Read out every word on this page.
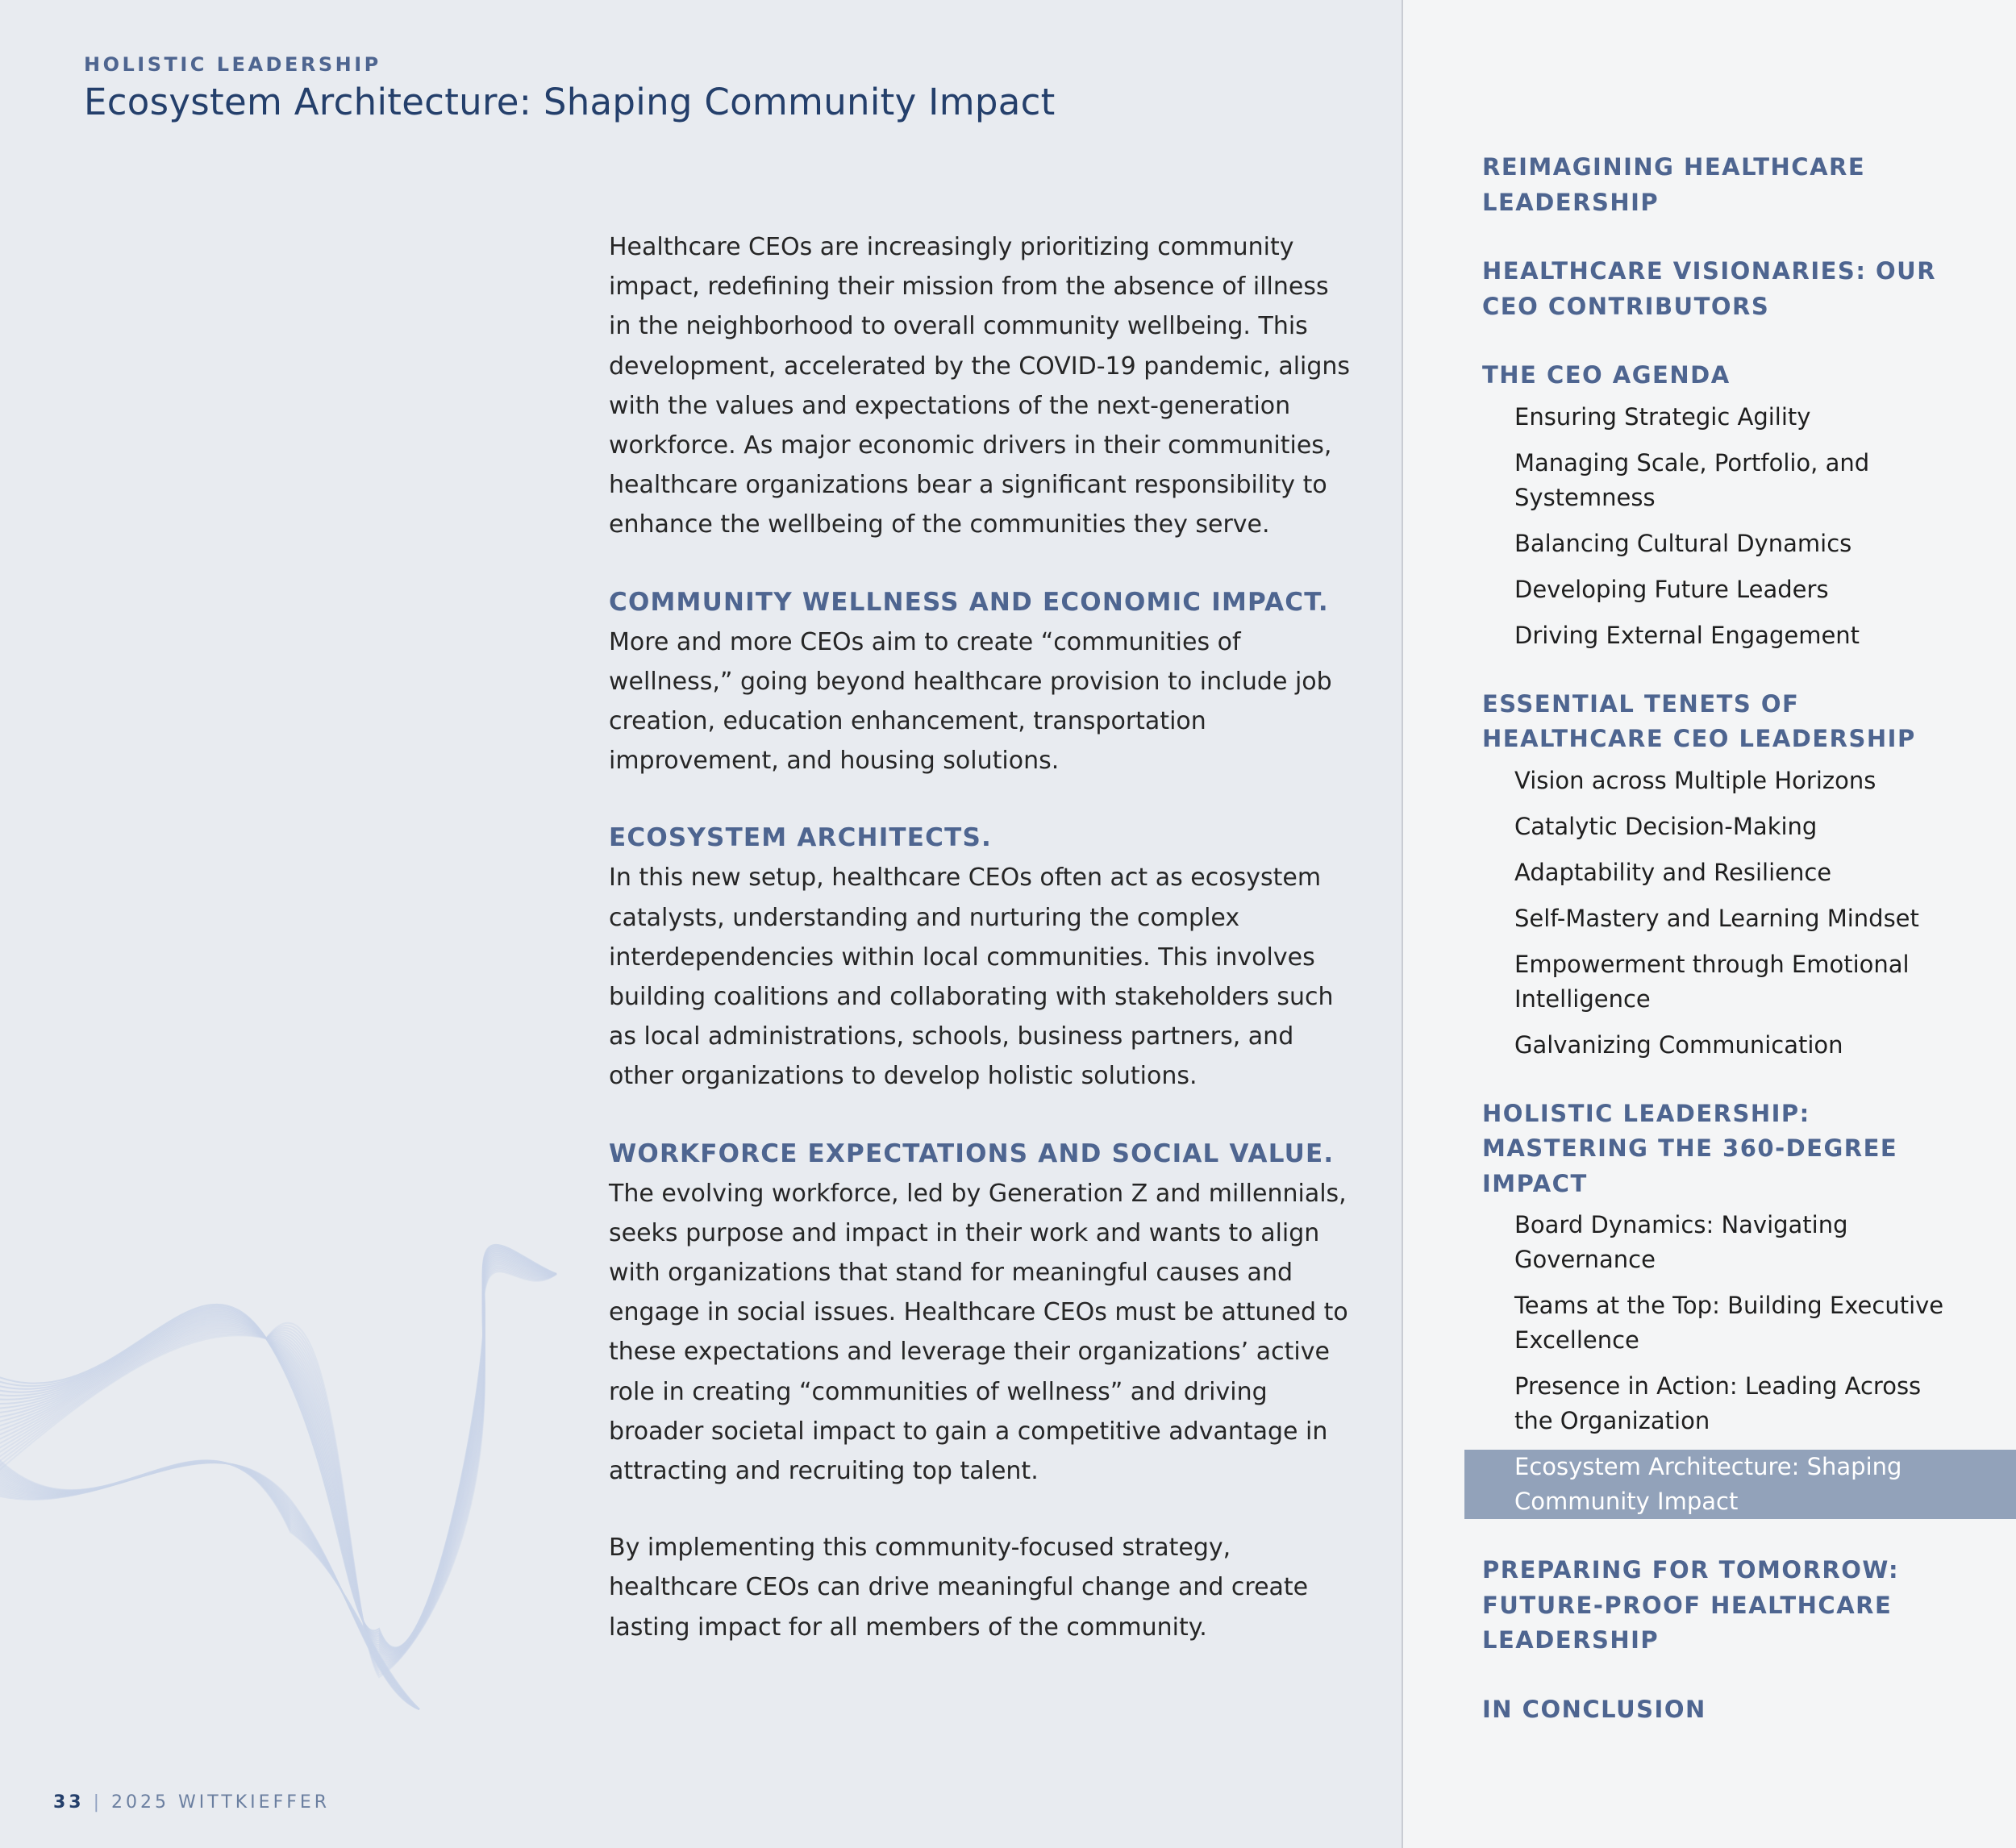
HOLISTIC LEADERSHIP
Ecosystem Architecture: Shaping Community Impact

Healthcare CEOs are increasingly prioritizing community impact, redefining their mission from the absence of illness in the neighborhood to overall community wellbeing. This development, accelerated by the COVID-19 pandemic, aligns with the values and expectations of the next-generation workforce. As major economic drivers in their communities, healthcare organizations bear a significant responsibility to enhance the wellbeing of the communities they serve.

COMMUNITY WELLNESS AND ECONOMIC IMPACT.

More and more CEOs aim to create “communities of wellness,” going beyond healthcare provision to include job creation, education enhancement, transportation improvement, and housing solutions.

ECOSYSTEM ARCHITECTS.

In this new setup, healthcare CEOs often act as ecosystem catalysts, understanding and nurturing the complex interdependencies within local communities. This involves building coalitions and collaborating with stakeholders such as local administrations, schools, business partners, and other organizations to develop holistic solutions.

WORKFORCE EXPECTATIONS AND SOCIAL VALUE.

The evolving workforce, led by Generation Z and millennials, seeks purpose and impact in their work and wants to align with organizations that stand for meaningful causes and engage in social issues. Healthcare CEOs must be attuned to these expectations and leverage their organizations’ active role in creating “communities of wellness” and driving broader societal impact to gain a competitive advantage in attracting and recruiting top talent.

By implementing this community-focused strategy, healthcare CEOs can drive meaningful change and create lasting impact for all members of the community.

33 | 2025 WITTKIEFFER
REIMAGINING HEALTHCARE LEADERSHIP
HEALTHCARE VISIONARIES: OUR CEO CONTRIBUTORS
THE CEO AGENDA
Ensuring Strategic Agility
Managing Scale, Portfolio, and Systemness
Balancing Cultural Dynamics
Developing Future Leaders
Driving External Engagement
ESSENTIAL TENETS OF HEALTHCARE CEO LEADERSHIP
Vision across Multiple Horizons
Catalytic Decision-Making
Adaptability and Resilience
Self-Mastery and Learning Mindset
Empowerment through Emotional Intelligence
Galvanizing Communication
HOLISTIC LEADERSHIP: MASTERING THE 360-DEGREE IMPACT
Board Dynamics: Navigating Governance
Teams at the Top: Building Executive Excellence
Presence in Action: Leading Across the Organization
Ecosystem Architecture: Shaping Community Impact
PREPARING FOR TOMORROW: FUTURE-PROOF HEALTHCARE LEADERSHIP
IN CONCLUSION
